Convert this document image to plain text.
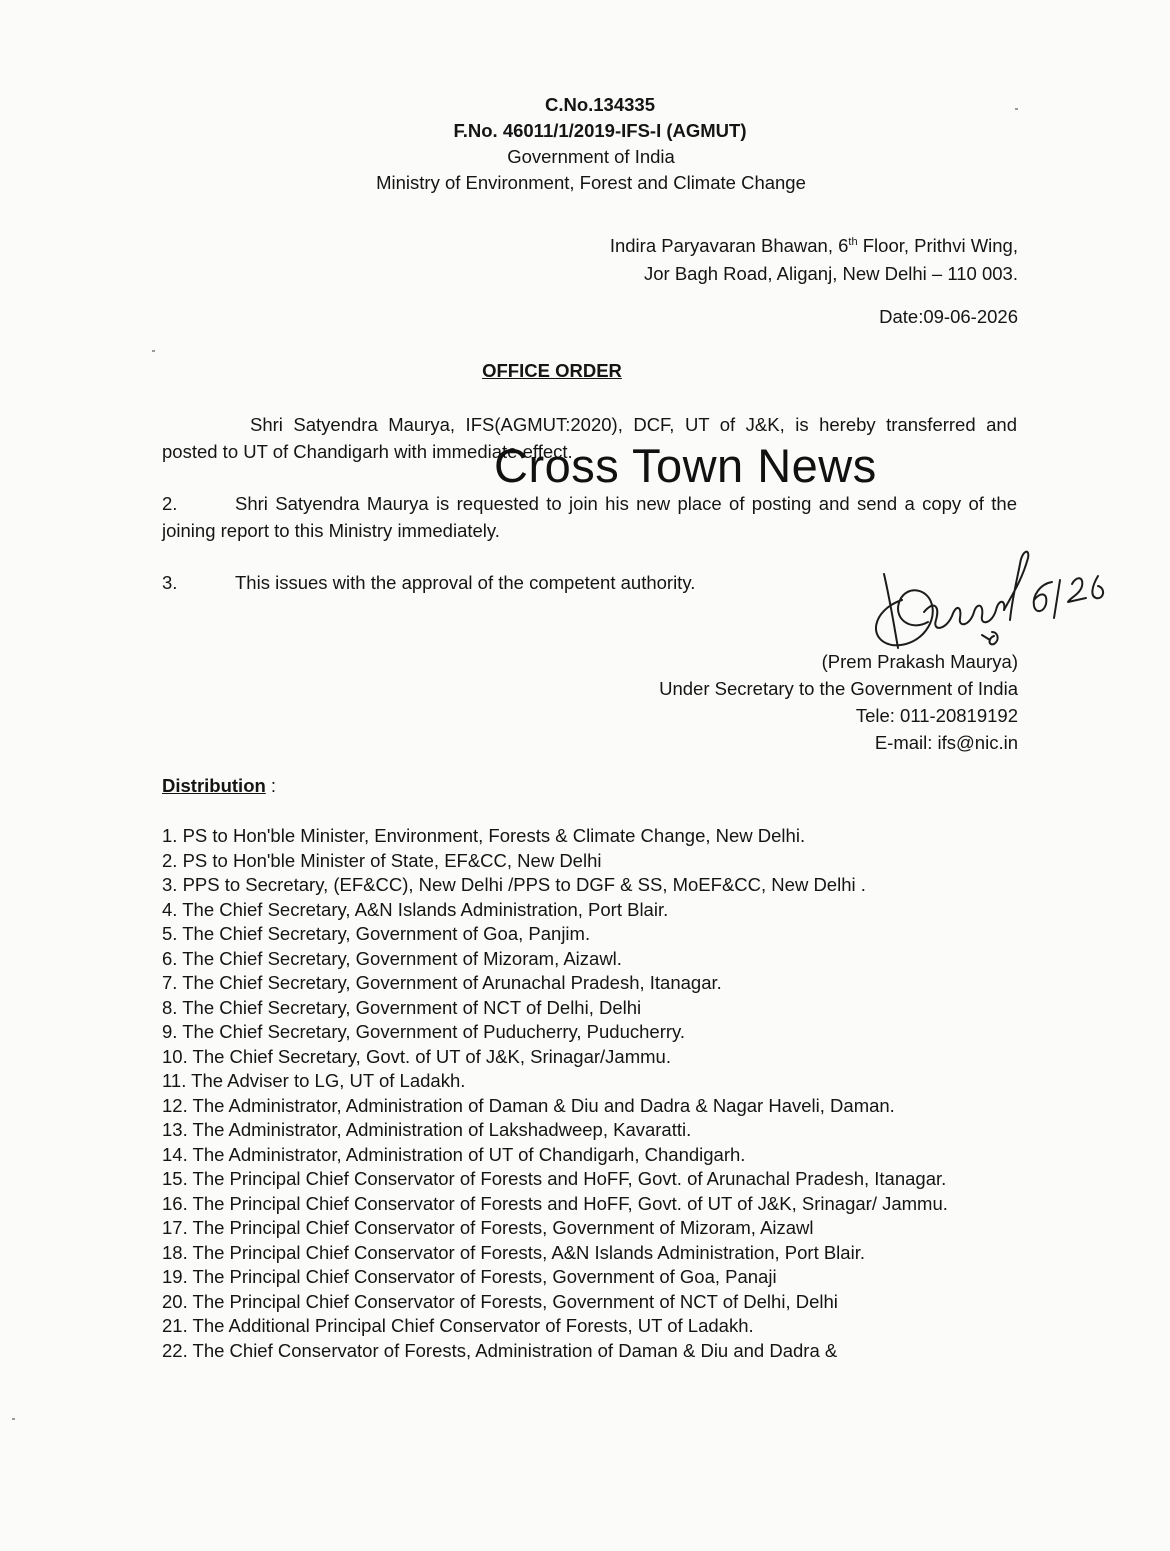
C.No.134335
F.No. 46011/1/2019-IFS-I (AGMUT)
Government of India
Ministry of Environment, Forest and Climate Change
Indira Paryavaran Bhawan, 6th Floor, Prithvi Wing,
Jor Bagh Road, Aliganj, New Delhi – 110 003.
Date:09-06-2026
OFFICE ORDER
Shri Satyendra Maurya, IFS(AGMUT:2020), DCF, UT of J&K, is hereby transferred and posted to UT of Chandigarh with immediate effect.
2.	Shri Satyendra Maurya is requested to join his new place of posting and send a copy of the joining report to this Ministry immediately.
3.	This issues with the approval of the competent authority.
Cross Town News
(Prem Prakash Maurya)
Under Secretary to the Government of India
Tele: 011-20819192
E-mail: ifs@nic.in
Distribution :
1. PS to Hon'ble Minister, Environment, Forests & Climate Change, New Delhi.
2. PS to Hon'ble Minister of State, EF&CC, New Delhi
3. PPS to Secretary, (EF&CC), New Delhi /PPS to DGF & SS, MoEF&CC, New Delhi .
4. The Chief Secretary, A&N Islands Administration, Port Blair.
5. The Chief Secretary, Government of Goa, Panjim.
6. The Chief Secretary, Government of Mizoram, Aizawl.
7. The Chief Secretary, Government of Arunachal Pradesh, Itanagar.
8. The Chief Secretary, Government of NCT of Delhi, Delhi
9. The Chief Secretary, Government of Puducherry, Puducherry.
10. The Chief Secretary, Govt. of UT of J&K, Srinagar/Jammu.
11. The Adviser to LG, UT of Ladakh.
12. The Administrator, Administration of Daman & Diu and Dadra & Nagar Haveli, Daman.
13. The Administrator, Administration of Lakshadweep, Kavaratti.
14. The Administrator, Administration of UT of Chandigarh, Chandigarh.
15. The Principal Chief Conservator of Forests and HoFF, Govt. of Arunachal Pradesh, Itanagar.
16. The Principal Chief Conservator of Forests and HoFF, Govt. of UT of J&K, Srinagar/ Jammu.
17. The Principal Chief Conservator of Forests, Government of Mizoram, Aizawl
18. The Principal Chief Conservator of Forests, A&N Islands Administration, Port Blair.
19. The Principal Chief Conservator of Forests, Government of Goa, Panaji
20. The Principal Chief Conservator of Forests, Government of NCT of Delhi, Delhi
21. The Additional Principal Chief Conservator of Forests, UT of Ladakh.
22. The Chief Conservator of Forests, Administration of Daman & Diu and Dadra &
